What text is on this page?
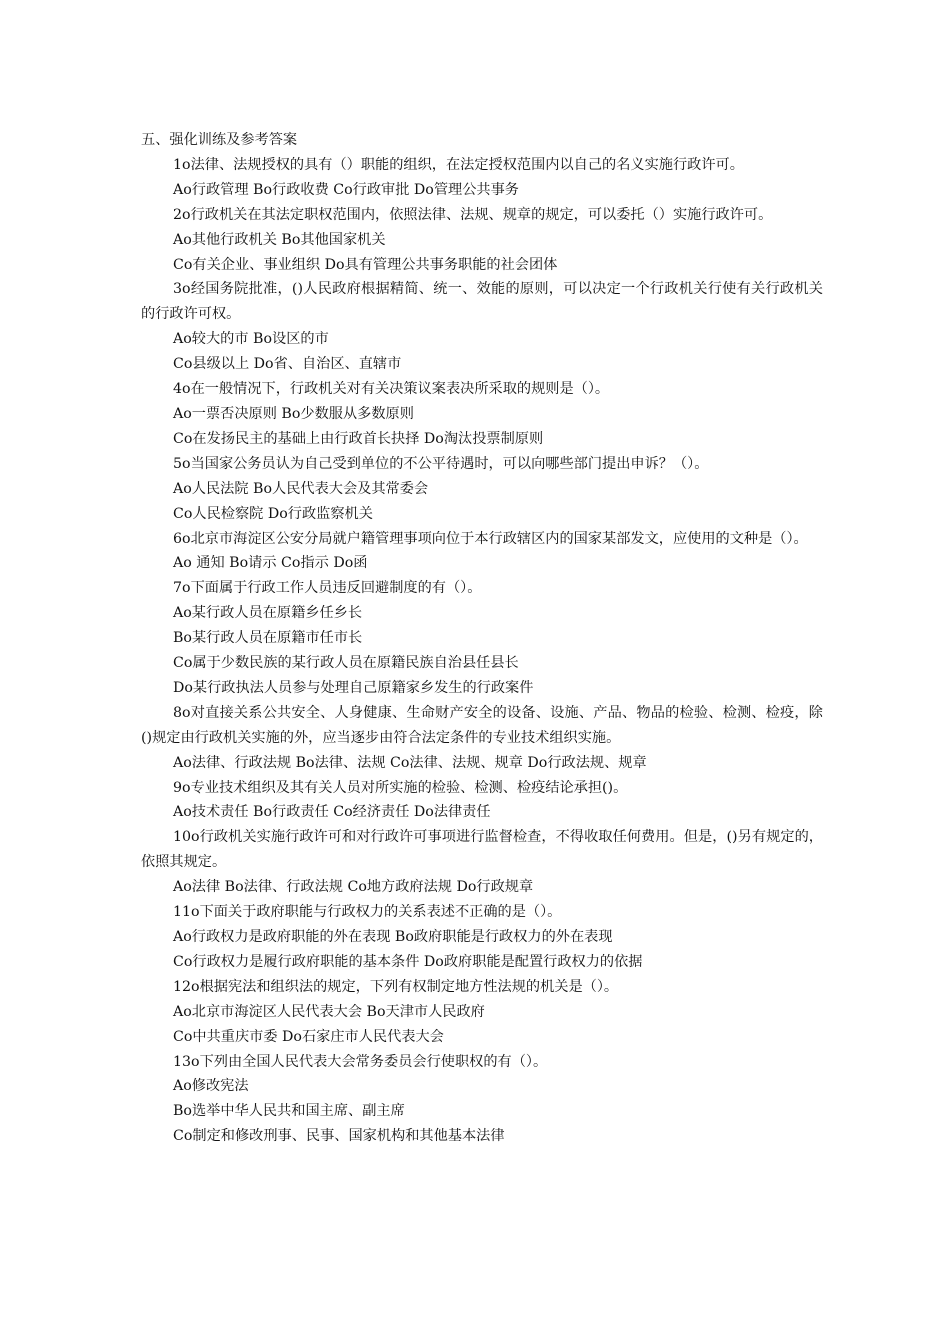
五、强化训练及参考答案

1o法律、法规授权的具有（）职能的组织，在法定授权范围内以自己的名义实施行政许可。

Ao行政管理 Bo行政收费 Co行政审批 Do管理公共事务

2o行政机关在其法定职权范围内，依照法律、法规、规章的规定，可以委托（）实施行政许可。

Ao其他行政机关 Bo其他国家机关

Co有关企业、事业组织 Do具有管理公共事务职能的社会团体

3o经国务院批准，()人民政府根据精简、统一、效能的原则，可以决定一个行政机关行使有关行政机关的行政许可权。

Ao较大的市 Bo设区的市

Co县级以上 Do省、自治区、直辖市

4o在一般情况下，行政机关对有关决策议案表决所采取的规则是（）。

Ao一票否决原则 Bo少数服从多数原则

Co在发扬民主的基础上由行政首长抉择 Do淘汰投票制原则

5o当国家公务员认为自己受到单位的不公平待遇时，可以向哪些部门提出申诉？（）。

Ao人民法院 Bo人民代表大会及其常委会

Co人民检察院 Do行政监察机关

6o北京市海淀区公安分局就户籍管理事项向位于本行政辖区内的国家某部发文，应使用的文种是（）。

Ao 通知 Bo请示 Co指示 Do函

7o下面属于行政工作人员违反回避制度的有（）。

Ao某行政人员在原籍乡任乡长

Bo某行政人员在原籍市任市长

Co属于少数民族的某行政人员在原籍民族自治县任县长

Do某行政执法人员参与处理自己原籍家乡发生的行政案件

8o对直接关系公共安全、人身健康、生命财产安全的设备、设施、产品、物品的检验、检测、检疫，除()规定由行政机关实施的外，应当逐步由符合法定条件的专业技术组织实施。

Ao法律、行政法规 Bo法律、法规 Co法律、法规、规章 Do行政法规、规章

9o专业技术组织及其有关人员对所实施的检验、检测、检疫结论承担()。

Ao技术责任 Bo行政责任 Co经济责任 Do法律责任

10o行政机关实施行政许可和对行政许可事项进行监督检查，不得收取任何费用。但是，()另有规定的，依照其规定。

Ao法律 Bo法律、行政法规 Co地方政府法规 Do行政规章

11o下面关于政府职能与行政权力的关系表述不正确的是（）。

Ao行政权力是政府职能的外在表现 Bo政府职能是行政权力的外在表现

Co行政权力是履行政府职能的基本条件 Do政府职能是配置行政权力的依据

12o根据宪法和组织法的规定，下列有权制定地方性法规的机关是（）。

Ao北京市海淀区人民代表大会 Bo天津市人民政府

Co中共重庆市委 Do石家庄市人民代表大会

13o下列由全国人民代表大会常务委员会行使职权的有（）。

Ao修改宪法

Bo选举中华人民共和国主席、副主席

Co制定和修改刑事、民事、国家机构和其他基本法律
